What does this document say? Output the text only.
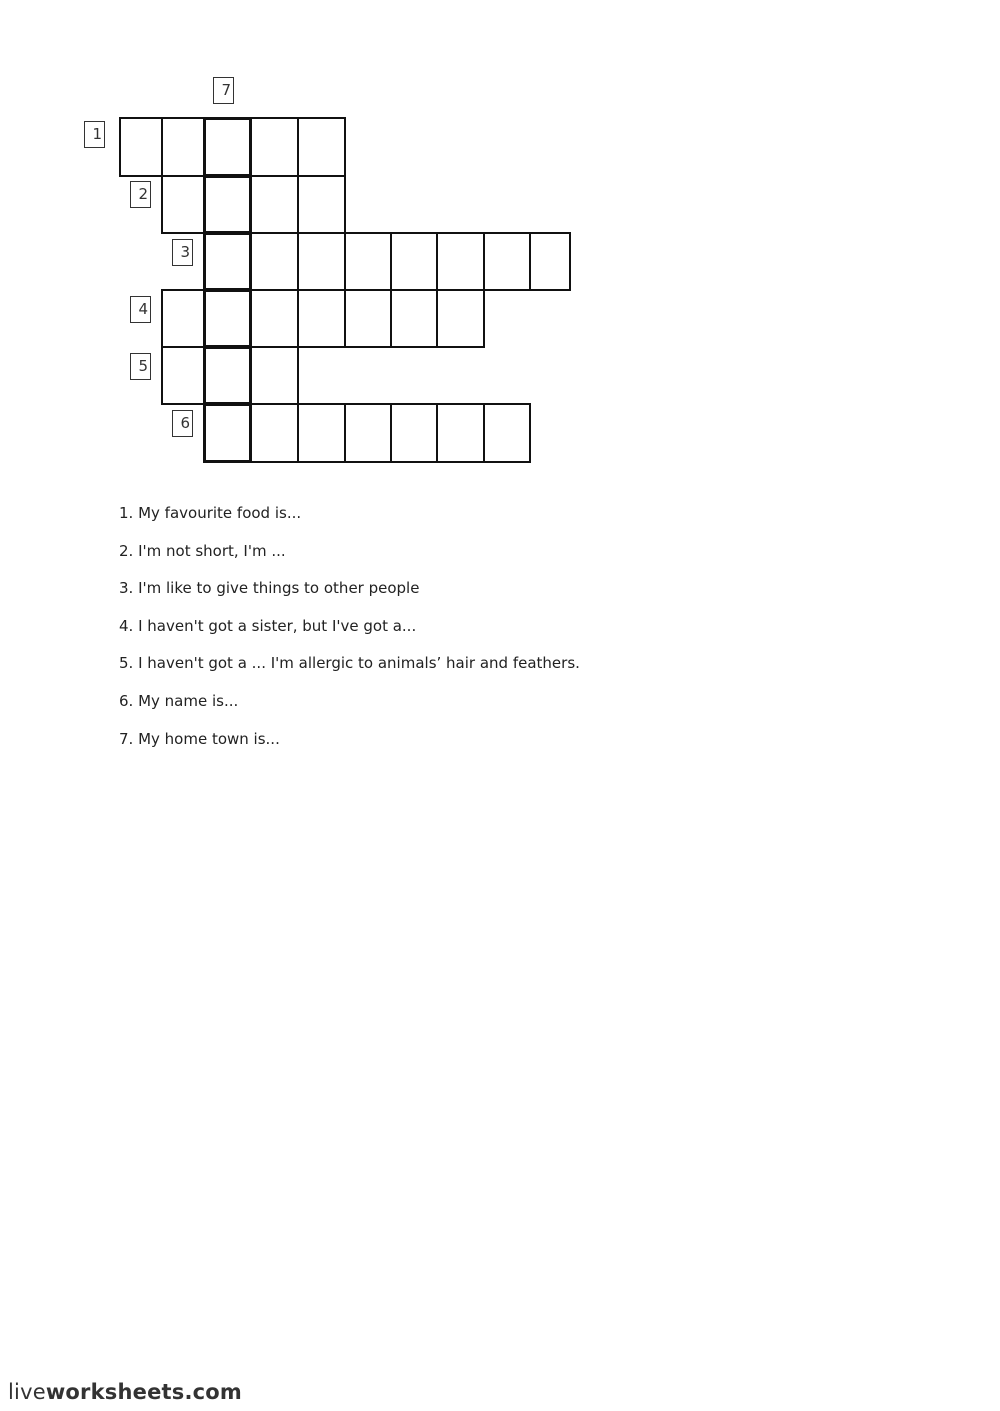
7
1
2
3
4
5
6
1. My favourite food is...
2. I'm not short, I'm ...
3. I'm like to give things to other people
4. I haven't got a sister, but I've got a...
5. I haven't got a ... I'm allergic to animals’ hair and feathers.
6. My name is...
7. My home town is...
liveworksheets.com
